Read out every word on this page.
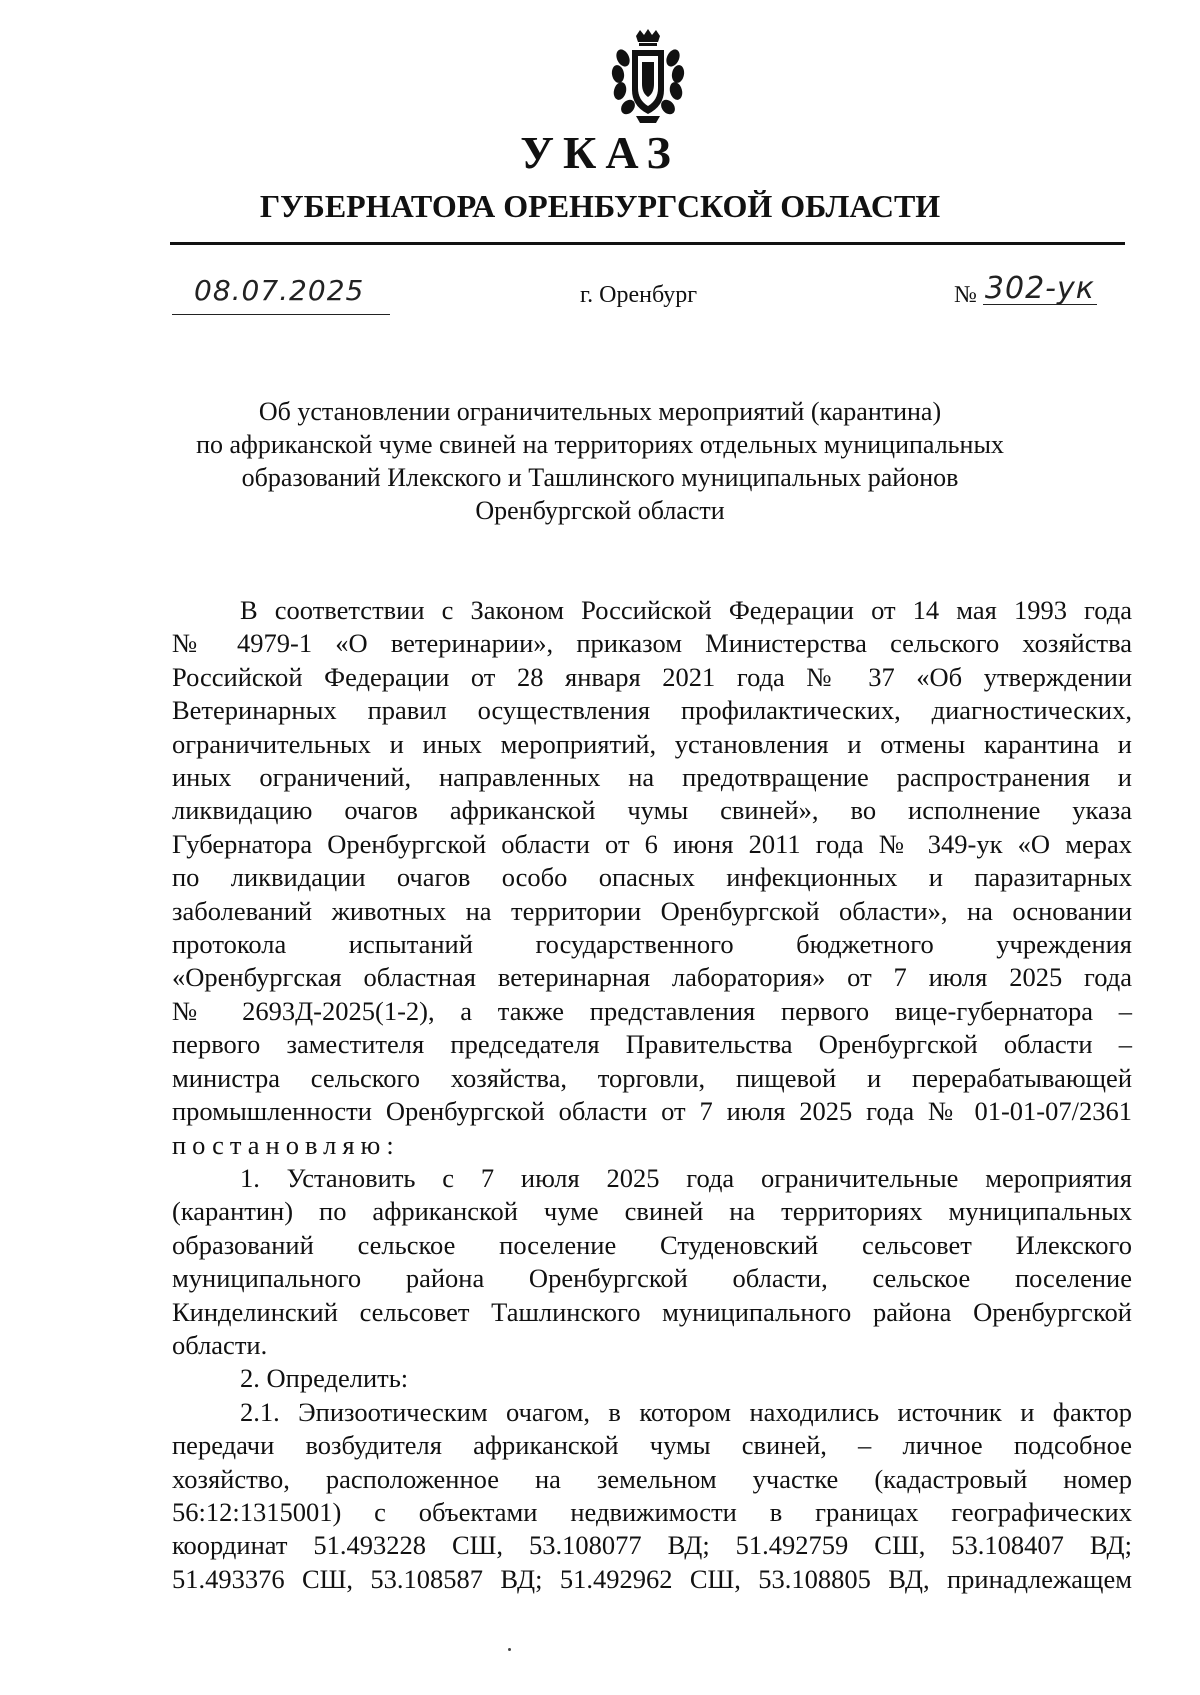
УКАЗ
ГУБЕРНАТОРА ОРЕНБУРГСКОЙ ОБЛАСТИ
08.07.2025	г. Оренбург	№ 302-ук
Об установлении ограничительных мероприятий (карантина)
по африканской чуме свиней на территориях отдельных муниципальных
образований Илекского и Ташлинского муниципальных районов
Оренбургской области
В соответствии с Законом Российской Федерации от 14 мая 1993 года
№ 4979-1 «О ветеринарии», приказом Министерства сельского хозяйства
Российской Федерации от 28 января 2021 года № 37 «Об утверждении
Ветеринарных правил осуществления профилактических, диагностических,
ограничительных и иных мероприятий, установления и отмены карантина и
иных ограничений, направленных на предотвращение распространения и
ликвидацию очагов африканской чумы свиней», во исполнение указа
Губернатора Оренбургской области от 6 июня 2011 года № 349-ук «О мерах
по ликвидации очагов особо опасных инфекционных и паразитарных
заболеваний животных на территории Оренбургской области», на основании
протокола испытаний государственного бюджетного учреждения
«Оренбургская областная ветеринарная лаборатория» от 7 июля 2025 года
№ 2693Д-2025(1-2), а также представления первого вице-губернатора –
первого заместителя председателя Правительства Оренбургской области –
министра сельского хозяйства, торговли, пищевой и перерабатывающей
промышленности Оренбургской области от 7 июля 2025 года № 01-01-07/2361
постановляю:
1. Установить с 7 июля 2025 года ограничительные мероприятия
(карантин) по африканской чуме свиней на территориях муниципальных
образований сельское поселение Студеновский сельсовет Илекского
муниципального района Оренбургской области, сельское поселение
Кинделинский сельсовет Ташлинского муниципального района Оренбургской
области.
2. Определить:
2.1. Эпизоотическим очагом, в котором находились источник и фактор
передачи возбудителя африканской чумы свиней, – личное подсобное
хозяйство, расположенное на земельном участке (кадастровый номер
56:12:1315001) с объектами недвижимости в границах географических
координат 51.493228 СШ, 53.108077 ВД; 51.492759 СШ, 53.108407 ВД;
51.493376 СШ, 53.108587 ВД; 51.492962 СШ, 53.108805 ВД, принадлежащем
